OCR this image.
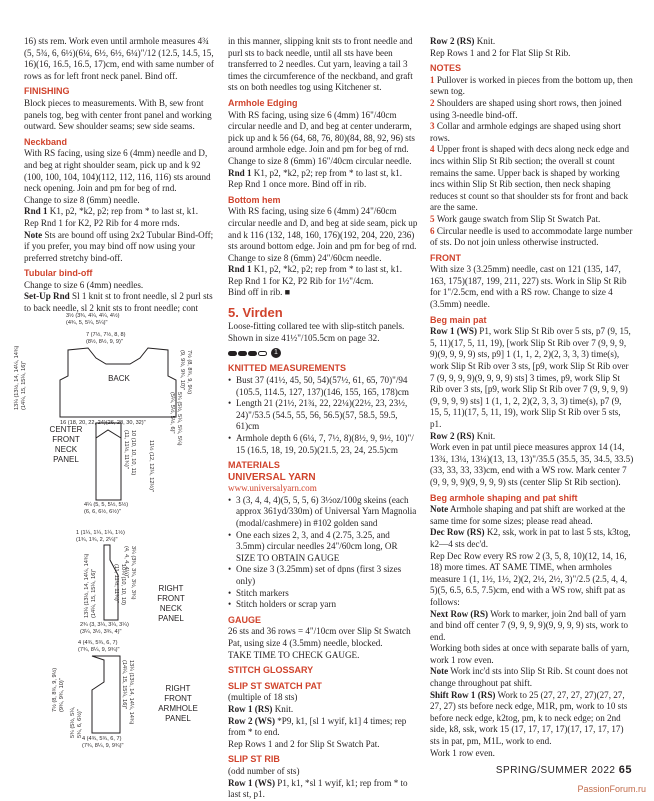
16) sts rem. Work even until armhole measures 4¾ (5, 5¾, 6, 6½)(6¼, 6½, 6½, 6¼)"/12 (12.5, 14.5, 15, 16)(16, 16.5, 16.5, 17)cm, end with same number of rows as for left front neck panel. Bind off.

FINISHING

Block pieces to measurements. With B, sew front panels tog, beg with center front panel and working outward. Sew shoulder seams; sew side seams.

Neckband

With RS facing, using size 6 (4mm) needle and D, and beg at right shoulder seam, pick up and k 92 (100, 100, 104, 104)(112, 112, 116, 116) sts around neck opening. Join and pm for beg of rnd.

Change to size 8 (6mm) needle.

Rnd 1 K1, p2, *k2, p2; rep from * to last st, k1.

Rep Rnd 1 for K2, P2 Rib for 4 more rnds.

Note Sts are bound off using 2x2 Tubular Bind-Off; if you prefer, you may bind off now using your preferred stretchy bind-off.

Tubular bind-off

Change to size 6 (4mm) needles.

Set-Up Rnd Sl 1 knit st to front needle, sl 2 purl sts to back needle, sl 2 knit sts to front needle; cont

3½ (3¾, 4¼, 4¼, 4½)
(4¾, 5, 5¼, 5¼)"
7 (7½, 7½, 8, 8)
(8½, 8½, 9, 9)"
13¼ (13½, 14, 14¼, 14¾)
(14¼, 15, 15¼, 16)"
7½ (8, 8¾, 9, 9½)
(9, 9½, 9¾, 10)"
5¾ (5½, 5¼, 5¼, 5¼)
(5¼, 5½, 5½, 6)"
BACK
16 (18, 20, 22, 24)(26, 28, 30, 32)"
CENTER
FRONT
NECK
PANEL
10 (10, 10, 10, 11)
(11, 11½, 11¾)"	11½ (12, 12¼, 12½)"
4¼ (5, 5, 5½, 5½)
(6, 6, 6½, 6½)"
1 (1¼, 1¼, 1¼, 1½)
(1¾, 1¾, 2, 2¼)"
13¼ (13½, 14, 14¼, 14¾)
(14¼, 15, 15¼, 16)"
3¼ (3¾, 3¾, 3½, 3¾)
(4, 4, 4, 4¼)"
10¼ (10, 10, 10)
(11, 11½, 11¾)"	RIGHT
FRONT
NECK
PANEL
2¾ (3, 3¼, 3¼, 3¼)
(3¼, 3½, 3¾, 4)"
4 (4¾, 5¾, 6, 7)
(7¾, 8¼, 9, 9¾)"
7½ (8, 8¾, 9, 9½)
(9¾, 9¾, 10)"
5¾ (5½, 5¼,
5¾, 6, 6½)"
13¼ (13½, 14, 14¼, 14¾)
(14¼, 15, 15¼, 16)"
RIGHT
FRONT
ARMHOLE
PANEL
4 (4¾, 5¾, 6, 7)
(7¾, 8¼, 9, 9¾)"

in this manner, slipping knit sts to front needle and purl sts to back needle, until all sts have been transferred to 2 needles. Cut yarn, leaving a tail 3 times the circumference of the neckband, and graft sts on both needles tog using Kitchener st.

Armhole Edging

With RS facing, using size 6 (4mm) 16"/40cm circular needle and D, and beg at center underarm, pick up and k 56 (64, 68, 76, 80)(84, 88, 92, 96) sts around armhole edge. Join and pm for beg of rnd. Change to size 8 (6mm) 16"/40cm circular needle.

Rnd 1 K1, p2, *k2, p2; rep from * to last st, k1.

Rep Rnd 1 once more. Bind off in rib.

Bottom hem

With RS facing, using size 6 (4mm) 24"/60cm circular needle and D, and beg at side seam, pick up and k 116 (132, 148, 160, 176)(192, 204, 220, 236) sts around bottom edge. Join and pm for beg of rnd. Change to size 8 (6mm) 24"/60cm needle.

Rnd 1 K1, p2, *k2, p2; rep from * to last st, k1.

Rep Rnd 1 for K2, P2 Rib for 1½"/4cm.

Bind off in rib. ■

5. Virden

Loose-fitting collared tee with slip-stitch panels. Shown in size 41½"/105.5cm on page 32.

1
KNITTED MEASUREMENTS
• Bust 37 (41½, 45, 50, 54)(57½, 61, 65, 70)"/94 (105.5, 114.5, 127, 137)(146, 155, 165, 178)cm
• Length 21 (21½, 21¾, 22, 22¼)(22½, 23, 23½, 24)"/53.5 (54.5, 55, 56, 56.5)(57, 58.5, 59.5, 61)cm
• Armhole depth 6 (6¼, 7, 7½, 8)(8½, 9, 9½, 10)"/ 15 (16.5, 18, 19, 20.5)(21.5, 23, 24, 25.5)cm
MATERIALS
UNIVERSAL YARN

www.universalyarn.com

• 3 (3, 4, 4, 4)(5, 5, 5, 6) 3½oz/100g skeins (each approx 361yd/330m) of Universal Yarn Magnolia (modal/cashmere) in #102 golden sand
• One each sizes 2, 3, and 4 (2.75, 3.25, and 3.5mm) circular needles 24"/60cm long, OR SIZE TO OBTAIN GAUGE
• One size 3 (3.25mm) set of dpns (first 3 sizes only)
• Stitch markers
• Stitch holders or scrap yarn
GAUGE

26 sts and 36 rows = 4"/10cm over Slip St Swatch Pat, using size 4 (3.5mm) needle, blocked.

TAKE TIME TO CHECK GAUGE.

STITCH GLOSSARY
SLIP ST SWATCH PAT

(multiple of 18 sts)

Row 1 (RS) Knit.

Row 2 (WS) *P9, k1, [sl 1 wyif, k1] 4 times; rep from * to end.

Rep Rows 1 and 2 for Slip St Swatch Pat.

SLIP ST RIB

(odd number of sts)

Row 1 (WS) P1, k1, *sl 1 wyif, k1; rep from * to last st, p1.

Row 2 (RS) Knit.

Rep Rows 1 and 2 for Flat Slip St Rib.

NOTES

1 Pullover is worked in pieces from the bottom up, then sewn tog.

2 Shoulders are shaped using short rows, then joined using 3-needle bind-off.

3 Collar and armhole edgings are shaped using short rows.

4 Upper front is shaped with decs along neck edge and incs within Slip St Rib section; the overall st count remains the same. Upper back is shaped by working incs within Slip St Rib section, then neck shaping reduces st count so that shoulder sts for front and back are the same.

5 Work gauge swatch from Slip St Swatch Pat.

6 Circular needle is used to accommodate large number of sts. Do not join unless otherwise instructed.

FRONT

With size 3 (3.25mm) needle, cast on 121 (135, 147, 163, 175)(187, 199, 211, 227) sts. Work in Slip St Rib for 1"/2.5cm, end with a RS row. Change to size 4 (3.5mm) needle.

Beg main pat

Row 1 (WS) P1, work Slip St Rib over 5 sts, p7 (9, 15, 5, 11)(17, 5, 11, 19), [work Slip St Rib over 7 (9, 9, 9, 9)(9, 9, 9, 9) sts, p9] 1 (1, 1, 2, 2)(2, 3, 3, 3) time(s), work Slip St Rib over 3 sts, [p9, work Slip St Rib over 7 (9, 9, 9, 9)(9, 9, 9, 9) sts] 3 times, p9, work Slip St Rib over 3 sts, [p9, work Slip St Rib over 7 (9, 9, 9, 9)(9, 9, 9, 9) sts] 1 (1, 1, 2, 2)(2, 3, 3, 3) time(s), p7 (9, 15, 5, 11)(17, 5, 11, 19), work Slip St Rib over 5 sts, p1.

Row 2 (RS) Knit.

Work even in pat until piece measures approx 14 (14, 13¾, 13¼, 13¼)(13, 13, 13)"/35.5 (35.5, 35, 34.5, 33.5)(33, 33, 33, 33)cm, end with a WS row. Mark center 7 (9, 9, 9, 9)(9, 9, 9, 9) sts (center Slip St Rib section).

Beg armhole shaping and pat shift

Note Armhole shaping and pat shift are worked at the same time for some sizes; please read ahead.

Dec Row (RS) K2, ssk, work in pat to last 5 sts, k3tog, k2—4 sts dec'd.

Rep Dec Row every RS row 2 (3, 5, 8, 10)(12, 14, 16, 18) more times. AT SAME TIME, when armholes measure 1 (1, 1½, 1½, 2)(2, 2½, 2½, 3)"/2.5 (2.5, 4, 4, 5)(5, 6.5, 6.5, 7.5)cm, end with a WS row, shift pat as follows:

Next Row (RS) Work to marker, join 2nd ball of yarn and bind off center 7 (9, 9, 9, 9)(9, 9, 9, 9) sts, work to end.

Working both sides at once with separate balls of yarn, work 1 row even.

Note Work inc'd sts into Slip St Rib. St count does not change throughout pat shift.

Shift Row 1 (RS) Work to 25 (27, 27, 27, 27)(27, 27, 27, 27) sts before neck edge, M1R, pm, work to 10 sts before neck edge, k2tog, pm, k to neck edge; on 2nd side, k8, ssk, work 15 (17, 17, 17, 17)(17, 17, 17, 17) sts in pat, pm, M1L, work to end.

Work 1 row even.

SPRING/SUMMER 2022 65
PassionForum.ru
